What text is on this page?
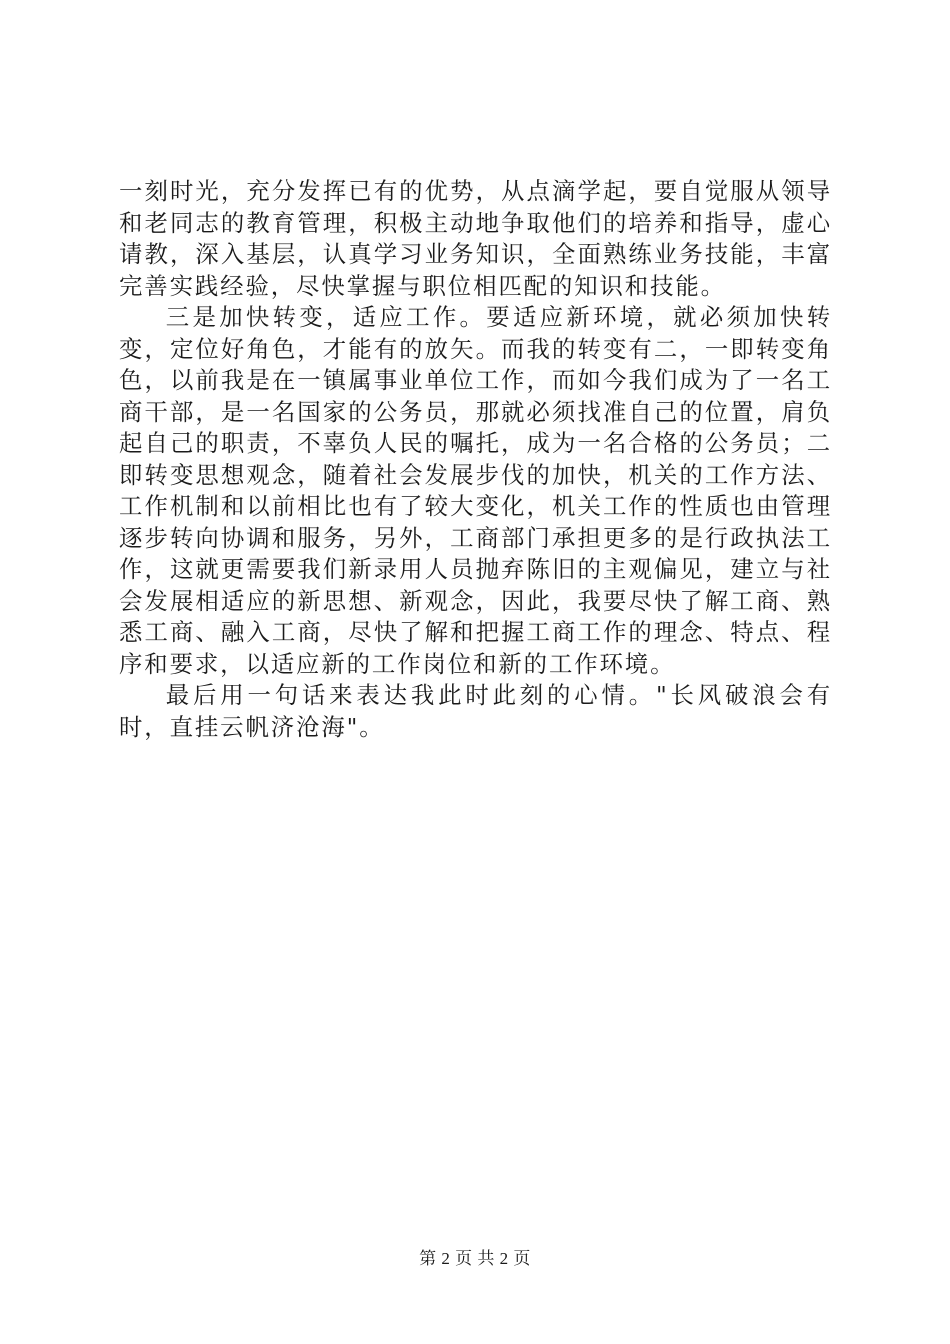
一刻时光，充分发挥已有的优势，从点滴学起，要自觉服从领导和老同志的教育管理，积极主动地争取他们的培养和指导，虚心请教，深入基层，认真学习业务知识，全面熟练业务技能，丰富完善实践经验，尽快掌握与职位相匹配的知识和技能。

三是加快转变，适应工作。要适应新环境，就必须加快转变，定位好角色，才能有的放矢。而我的转变有二，一即转变角色，以前我是在一镇属事业单位工作，而如今我们成为了一名工商干部，是一名国家的公务员，那就必须找准自己的位置，肩负起自己的职责，不辜负人民的嘱托，成为一名合格的公务员；二即转变思想观念，随着社会发展步伐的加快，机关的工作方法、工作机制和以前相比也有了较大变化，机关工作的性质也由管理逐步转向协调和服务，另外，工商部门承担更多的是行政执法工作，这就更需要我们新录用人员抛弃陈旧的主观偏见，建立与社会发展相适应的新思想、新观念，因此，我要尽快了解工商、熟悉工商、融入工商，尽快了解和把握工商工作的理念、特点、程序和要求，以适应新的工作岗位和新的工作环境。

最后用一句话来表达我此时此刻的心情。"长风破浪会有时，直挂云帆济沧海"。

第 2 页 共 2 页
